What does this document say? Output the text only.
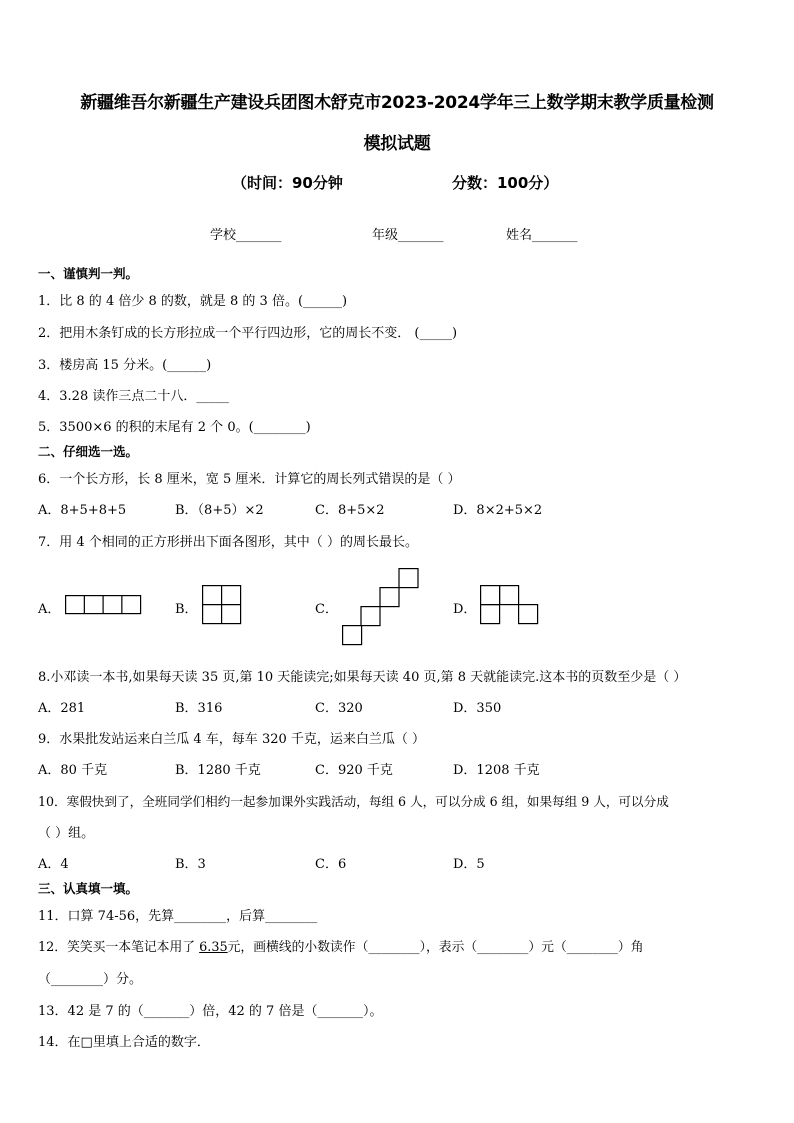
新疆维吾尔新疆生产建设兵团图木舒克市2023-2024学年三上数学期末教学质量检测
模拟试题
（时间：90分钟	分数：100分）
学校_______	年级_______	姓名_______
一、谨慎判一判。
1．比 8 的 4 倍少 8 的数，就是 8 的 3 倍。(______)
2．把用木条钉成的长方形拉成一个平行四边形，它的周长不变． (_____)
3．楼房高 15 分米。(______)
4．3.28 读作三点二十八．_____
5．3500×6 的积的末尾有 2 个 0。(________)
二、仔细选一选。
6．一个长方形，长 8 厘米，宽 5 厘米．计算它的周长列式错误的是（ ）
A．8+5+8+5	B．（8+5）×2	C．8+5×2	D．8×2+5×2
7．用 4 个相同的正方形拼出下面各图形，其中（ ）的周长最长。
A．	B．	C．	D．
8.小邓读一本书,如果每天读 35 页,第 10 天能读完;如果每天读 40 页,第 8 天就能读完.这本书的页数至少是（ ）
A．281	B．316	C．320	D．350
9．水果批发站运来白兰瓜 4 车，每车 320 千克，运来白兰瓜（ ）
A．80 千克	B．1280 千克	C．920 千克	D．1208 千克
10．寒假快到了，全班同学们相约一起参加课外实践活动，每组 6 人，可以分成 6 组，如果每组 9 人，可以分成
（ ）组。
A．4	B．3	C．6	D．5
三、认真填一填。
11．口算 74-56，先算________，后算________
12．笑笑买一本笔记本用了 6.35元，画横线的小数读作（________），表示（________）元（________）角
（________）分。
13．42 是 7 的（_______）倍，42 的 7 倍是（_______）。
14．在□里填上合适的数字．
